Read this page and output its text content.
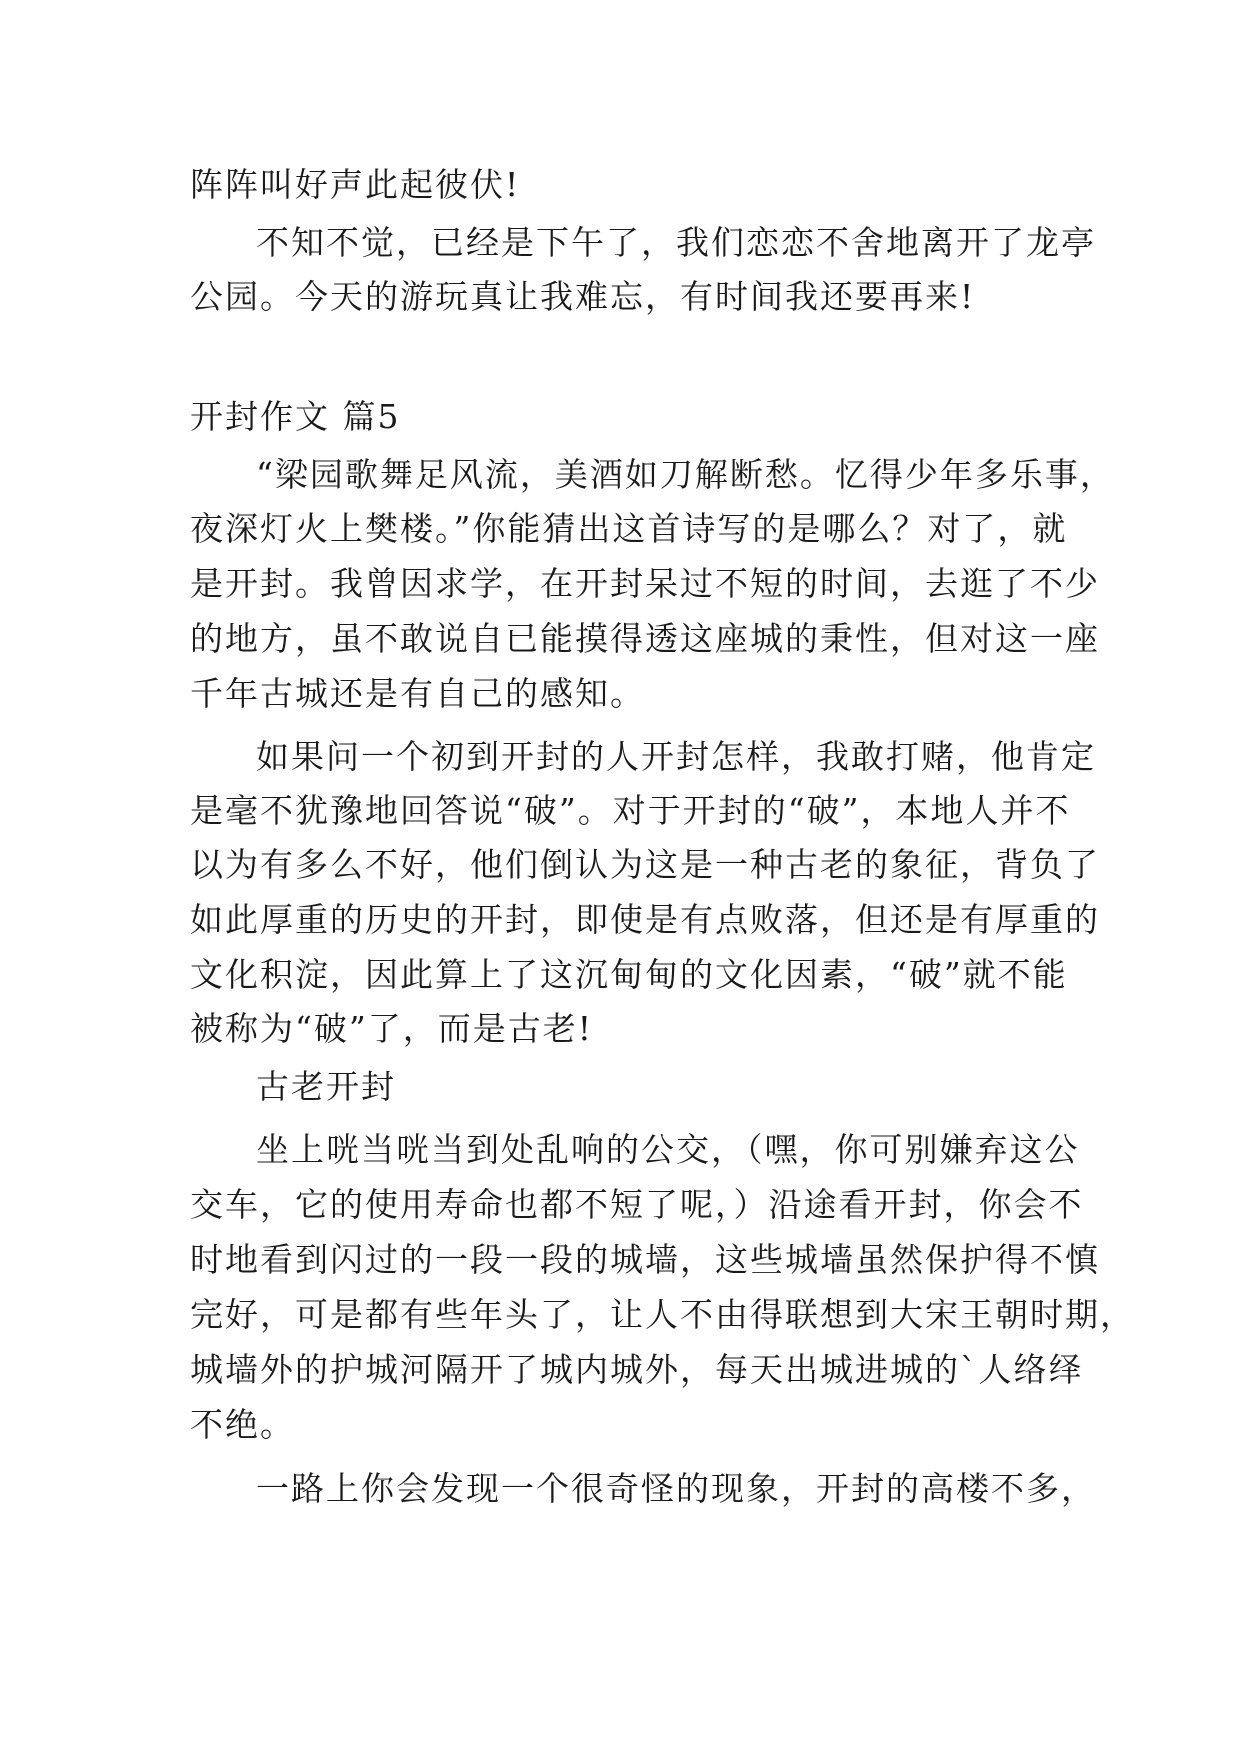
阵阵叫好声此起彼伏!
不知不觉，已经是下午了，我们恋恋不舍地离开了龙亭
公园。今天的游玩真让我难忘，有时间我还要再来!
开封作文 篇5
“梁园歌舞足风流，美酒如刀解断愁。忆得少年多乐事，
夜深灯火上樊楼。”你能猜出这首诗写的是哪么？对了，就
是开封。我曾因求学，在开封呆过不短的时间，去逛了不少
的地方，虽不敢说自已能摸得透这座城的秉性，但对这一座
千年古城还是有自己的感知。
如果问一个初到开封的人开封怎样，我敢打赌，他肯定
是毫不犹豫地回答说“破”。对于开封的“破”，本地人并不
以为有多么不好，他们倒认为这是一种古老的象征，背负了
如此厚重的历史的开封，即使是有点败落，但还是有厚重的
文化积淀，因此算上了这沉甸甸的文化因素，“破”就不能
被称为“破”了，而是古老!
古老开封
坐上咣当咣当到处乱响的公交，（嘿，你可别嫌弃这公
交车，它的使用寿命也都不短了呢，）沿途看开封，你会不
时地看到闪过的一段一段的城墙，这些城墙虽然保护得不慎
完好，可是都有些年头了，让人不由得联想到大宋王朝时期，
城墙外的护城河隔开了城内城外，每天出城进城的`人络绎
不绝。
一路上你会发现一个很奇怪的现象，开封的高楼不多，
